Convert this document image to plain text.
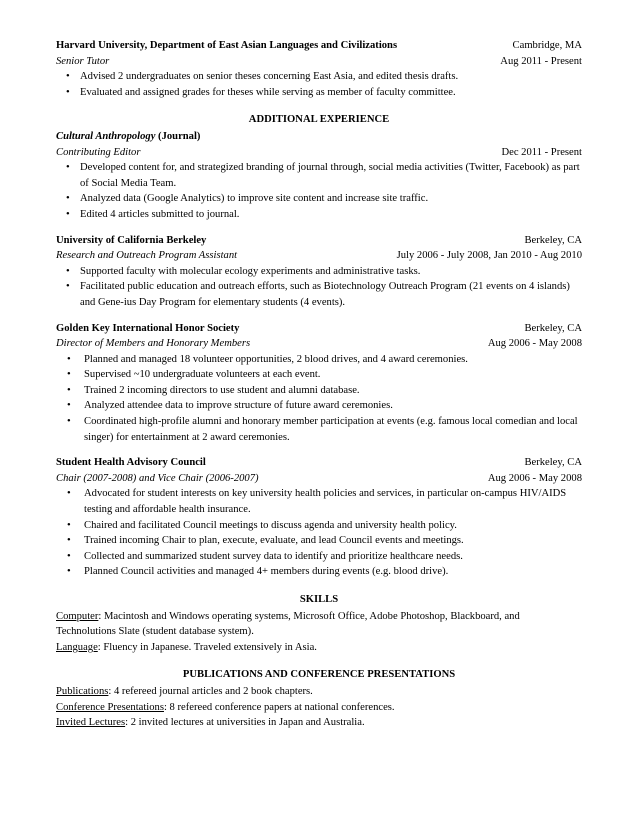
Harvard University, Department of East Asian Languages and Civilizations	Cambridge, MA
Senior Tutor	Aug 2011 - Present
• Advised 2 undergraduates on senior theses concerning East Asia, and edited thesis drafts.
• Evaluated and assigned grades for theses while serving as member of faculty committee.
ADDITIONAL EXPERIENCE
Cultural Anthropology (Journal)
Contributing Editor	Dec 2011 - Present
• Developed content for, and strategized branding of journal through, social media activities (Twitter, Facebook) as part of Social Media Team.
• Analyzed data (Google Analytics) to improve site content and increase site traffic.
• Edited 4 articles submitted to journal.
University of California Berkeley	Berkeley, CA
Research and Outreach Program Assistant	July 2006 - July 2008, Jan 2010 - Aug 2010
• Supported faculty with molecular ecology experiments and administrative tasks.
• Facilitated public education and outreach efforts, such as Biotechnology Outreach Program (21 events on 4 islands) and Gene-ius Day Program for elementary students (4 events).
Golden Key International Honor Society	Berkeley, CA
Director of Members and Honorary Members	Aug 2006 - May 2008
• Planned and managed 18 volunteer opportunities, 2 blood drives, and 4 award ceremonies.
• Supervised ~10 undergraduate volunteers at each event.
• Trained 2 incoming directors to use student and alumni database.
• Analyzed attendee data to improve structure of future award ceremonies.
• Coordinated high-profile alumni and honorary member participation at events (e.g. famous local comedian and local singer) for entertainment at 2 award ceremonies.
Student Health Advisory Council	Berkeley, CA
Chair (2007-2008) and Vice Chair (2006-2007)	Aug 2006 - May 2008
• Advocated for student interests on key university health policies and services, in particular on-campus HIV/AIDS testing and affordable health insurance.
• Chaired and facilitated Council meetings to discuss agenda and university health policy.
• Trained incoming Chair to plan, execute, evaluate, and lead Council events and meetings.
• Collected and summarized student survey data to identify and prioritize healthcare needs.
• Planned Council activities and managed 4+ members during events (e.g. blood drive).
SKILLS
Computer: Macintosh and Windows operating systems, Microsoft Office, Adobe Photoshop, Blackboard, and Technolutions Slate (student database system).
Language: Fluency in Japanese. Traveled extensively in Asia.
PUBLICATIONS AND CONFERENCE PRESENTATIONS
Publications: 4 refereed journal articles and 2 book chapters.
Conference Presentations: 8 refereed conference papers at national conferences.
Invited Lectures: 2 invited lectures at universities in Japan and Australia.
